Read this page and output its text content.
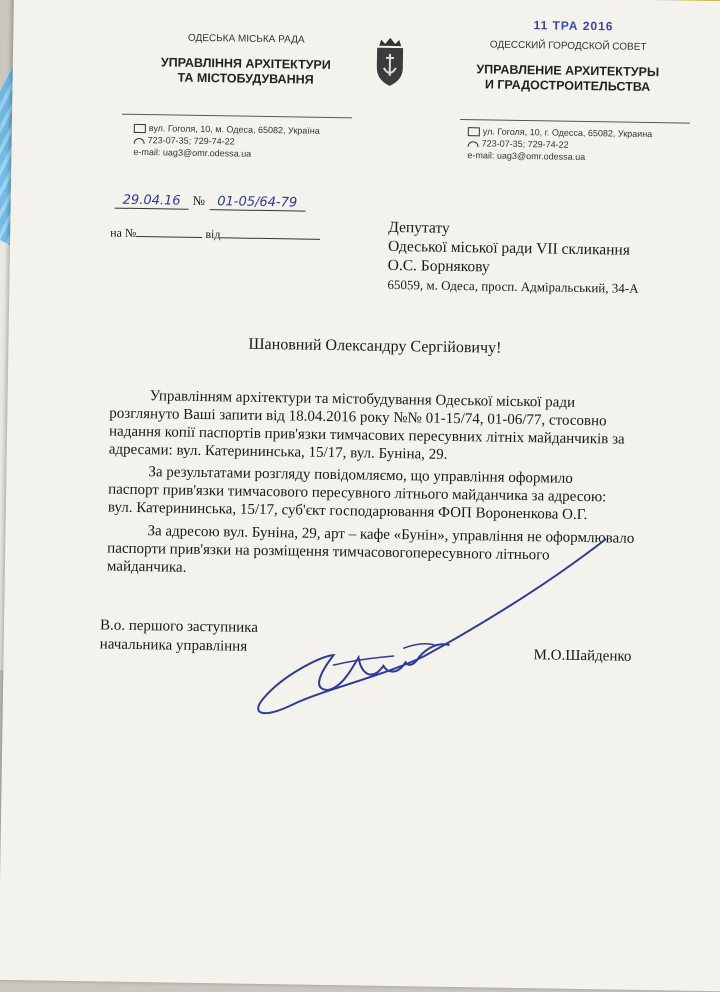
11 ТРА 2016
ОДЕСЬКА МІСЬКА РАДА
УПРАВЛІННЯ АРХІТЕКТУРИ
ТА МІСТОБУДУВАННЯ
ОДЕССКИЙ ГОРОДСКОЙ СОВЕТ
УПРАВЛЕНИЕ АРХИТЕКТУРЫ
И ГРАДОСТРОИТЕЛЬСТВА
вул. Гоголя, 10, м. Одеса, 65082, Україна
723-07-35; 729-74-22
e-mail: uag3@omr.odessa.ua
ул. Гоголя, 10, г. Одесса, 65082, Украина
723-07-35; 729-74-22
e-mail: uag3@omr.odessa.ua
29.04.16 № 01-05/64-79
на №	від	Депутату
Одеської міської ради VII скликання
О.С. Борнякову
65059, м. Одеса, просп. Адміральський, 34-А
Шановний Олександру Сергійовичу!
Управлінням архітектури та містобудування Одеської міської ради
розглянуто Ваші запити від 18.04.2016 року №№ 01-15/74, 01-06/77, стосовно
надання копії паспортів прив'язки тимчасових пересувних літніх майданчиків за
адресами: вул. Катерининська, 15/17, вул. Буніна, 29.
За результатами розгляду повідомляємо, що управління оформило
паспорт прив'язки тимчасового пересувного літнього майданчика за адресою:
вул. Катерининська, 15/17, суб'єкт господарювання ФОП Вороненкова О.Г.
За адресою вул. Буніна, 29, арт – кафе «Бунін», управління не оформлювало
паспорти прив'язки на розміщення тимчасовогопересувного літнього
майданчика.
В.о. першого заступника
начальника управління
М.О.Шайденко
